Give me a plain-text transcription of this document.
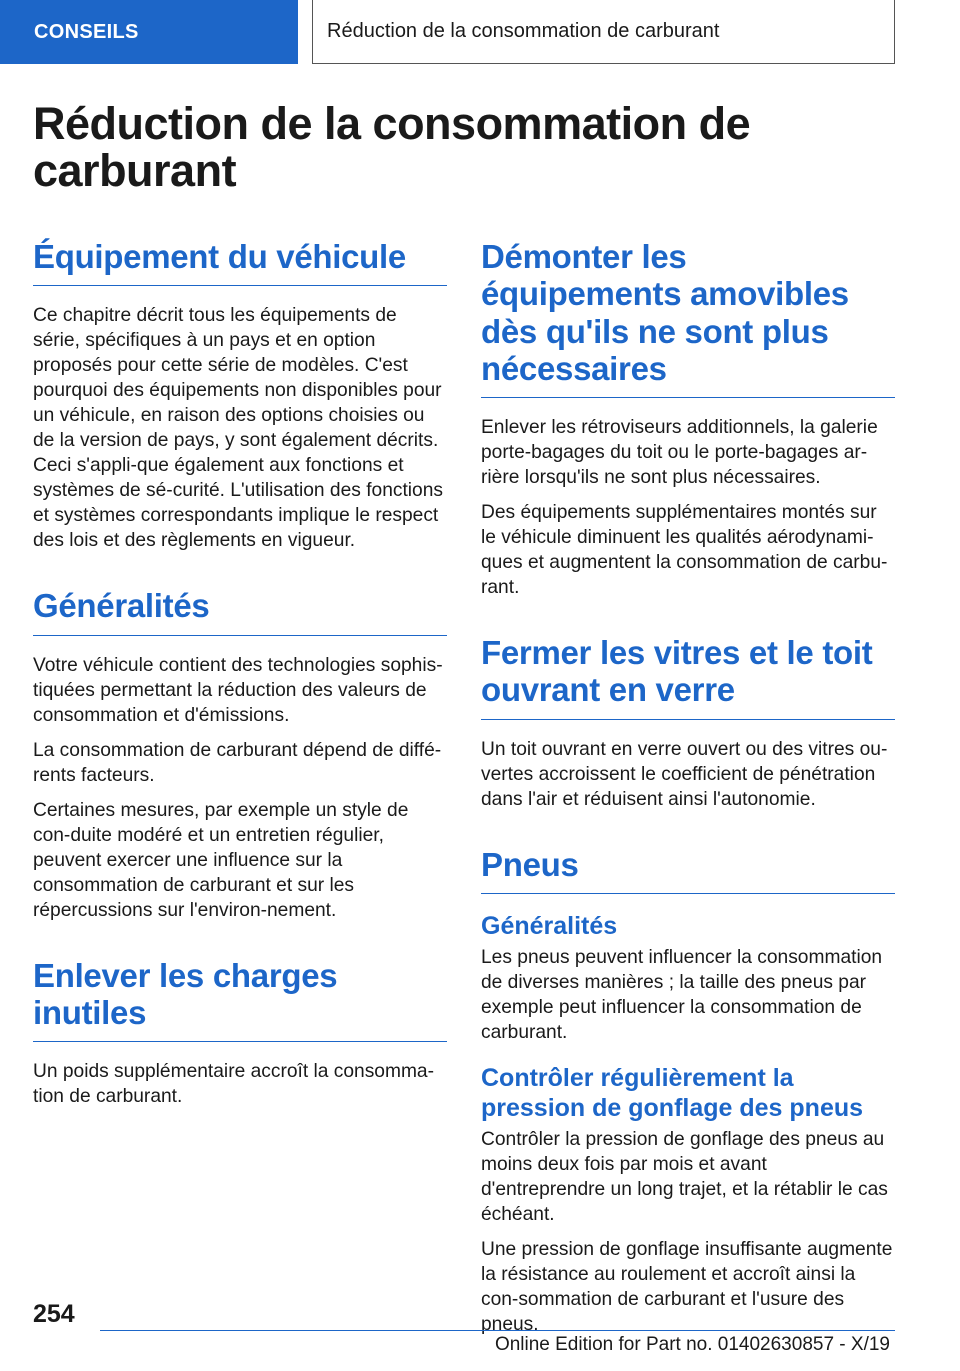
CONSEILS	Réduction de la consommation de carburant
Réduction de la consommation de carburant
Équipement du véhicule

Ce chapitre décrit tous les équipements de série, spécifiques à un pays et en option proposés pour cette série de modèles. C'est pourquoi des équipements non disponibles pour un véhicule, en raison des options choisies ou de la version de pays, y sont également décrits. Ceci s'appli-que également aux fonctions et systèmes de sé-curité. L'utilisation des fonctions et systèmes correspondants implique le respect des lois et des règlements en vigueur.

Généralités

Votre véhicule contient des technologies sophis-tiquées permettant la réduction des valeurs de consommation et d'émissions.

La consommation de carburant dépend de diffé-rents facteurs.

Certaines mesures, par exemple un style de con-duite modéré et un entretien régulier, peuvent exercer une influence sur la consommation de carburant et sur les répercussions sur l'environ-nement.

Enlever les charges inutiles

Un poids supplémentaire accroît la consomma-tion de carburant.

Démonter les équipements amovibles dès qu'ils ne sont plus nécessaires

Enlever les rétroviseurs additionnels, la galerie porte-bagages du toit ou le porte-bagages ar-rière lorsqu'ils ne sont plus nécessaires.

Des équipements supplémentaires montés sur le véhicule diminuent les qualités aérodynami-ques et augmentent la consommation de carbu-rant.

Fermer les vitres et le toit ouvrant en verre

Un toit ouvrant en verre ouvert ou des vitres ou-vertes accroissent le coefficient de pénétration dans l'air et réduisent ainsi l'autonomie.

Pneus
Généralités

Les pneus peuvent influencer la consommation de diverses manières ; la taille des pneus par exemple peut influencer la consommation de carburant.

Contrôler régulièrement la pression de gonflage des pneus

Contrôler la pression de gonflage des pneus au moins deux fois par mois et avant d'entreprendre un long trajet, et la rétablir le cas échéant.

Une pression de gonflage insuffisante augmente la résistance au roulement et accroît ainsi la con-sommation de carburant et l'usure des pneus.

254
Online Edition for Part no. 01402630857 - X/19
